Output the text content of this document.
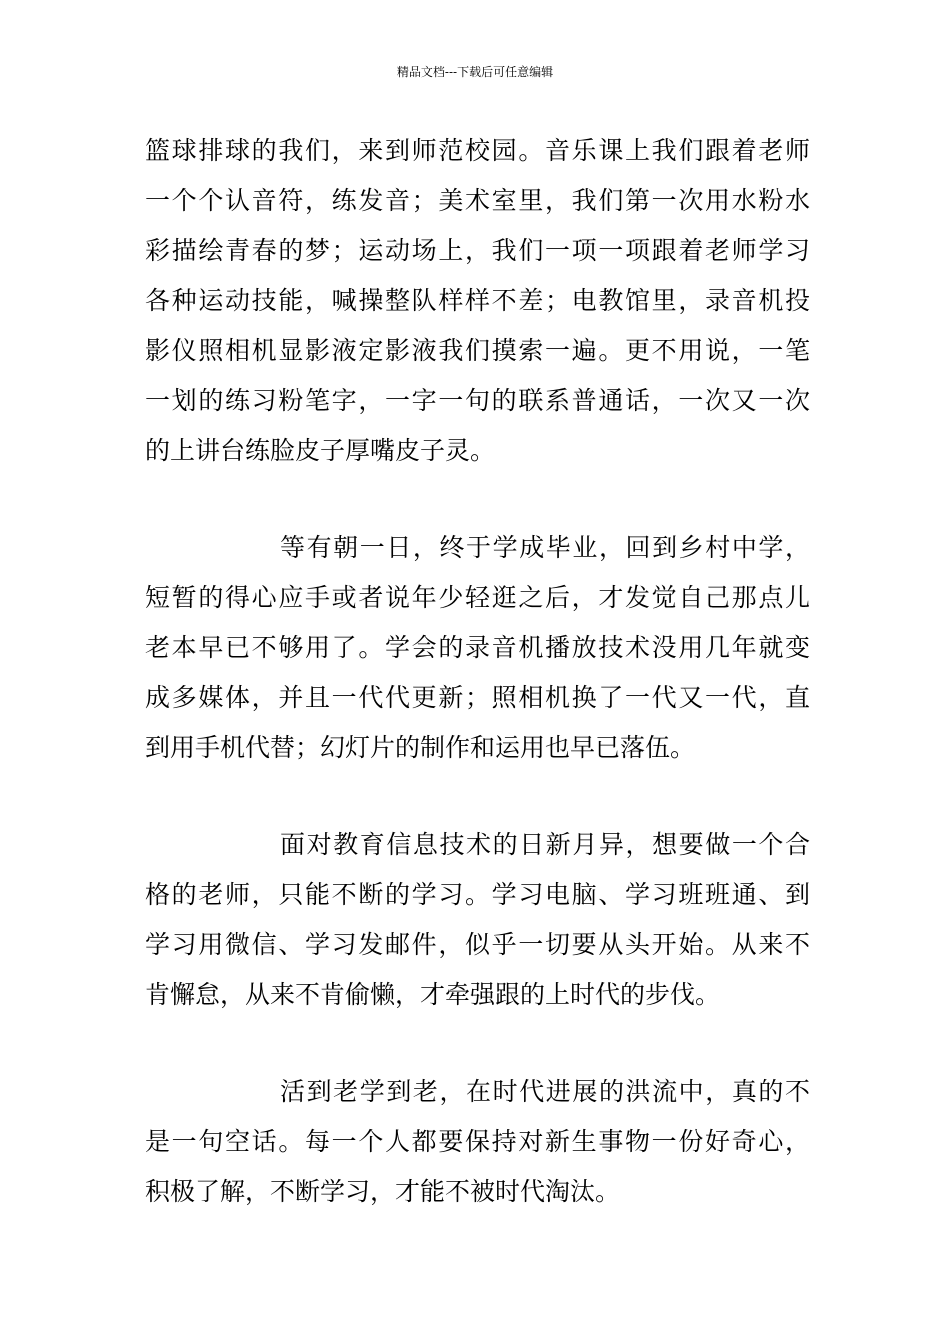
精品文档---下载后可任意编辑
篮球排球的我们，来到师范校园。音乐课上我们跟着老师
一个个认音符，练发音；美术室里，我们第一次用水粉水
彩描绘青春的梦；运动场上，我们一项一项跟着老师学习
各种运动技能，喊操整队样样不差；电教馆里，录音机投
影仪照相机显影液定影液我们摸索一遍。更不用说，一笔
一划的练习粉笔字，一字一句的联系普通话，一次又一次
的上讲台练脸皮子厚嘴皮子灵。
等有朝一日，终于学成毕业，回到乡村中学，
短暂的得心应手或者说年少轻逛之后，才发觉自己那点儿
老本早已不够用了。学会的录音机播放技术没用几年就变
成多媒体，并且一代代更新；照相机换了一代又一代，直
到用手机代替；幻灯片的制作和运用也早已落伍。
面对教育信息技术的日新月异，想要做一个合
格的老师，只能不断的学习。学习电脑、学习班班通、到
学习用微信、学习发邮件，似乎一切要从头开始。从来不
肯懈怠，从来不肯偷懒，才牵强跟的上时代的步伐。
活到老学到老，在时代进展的洪流中，真的不
是一句空话。每一个人都要保持对新生事物一份好奇心，
积极了解，不断学习，才能不被时代淘汰。
